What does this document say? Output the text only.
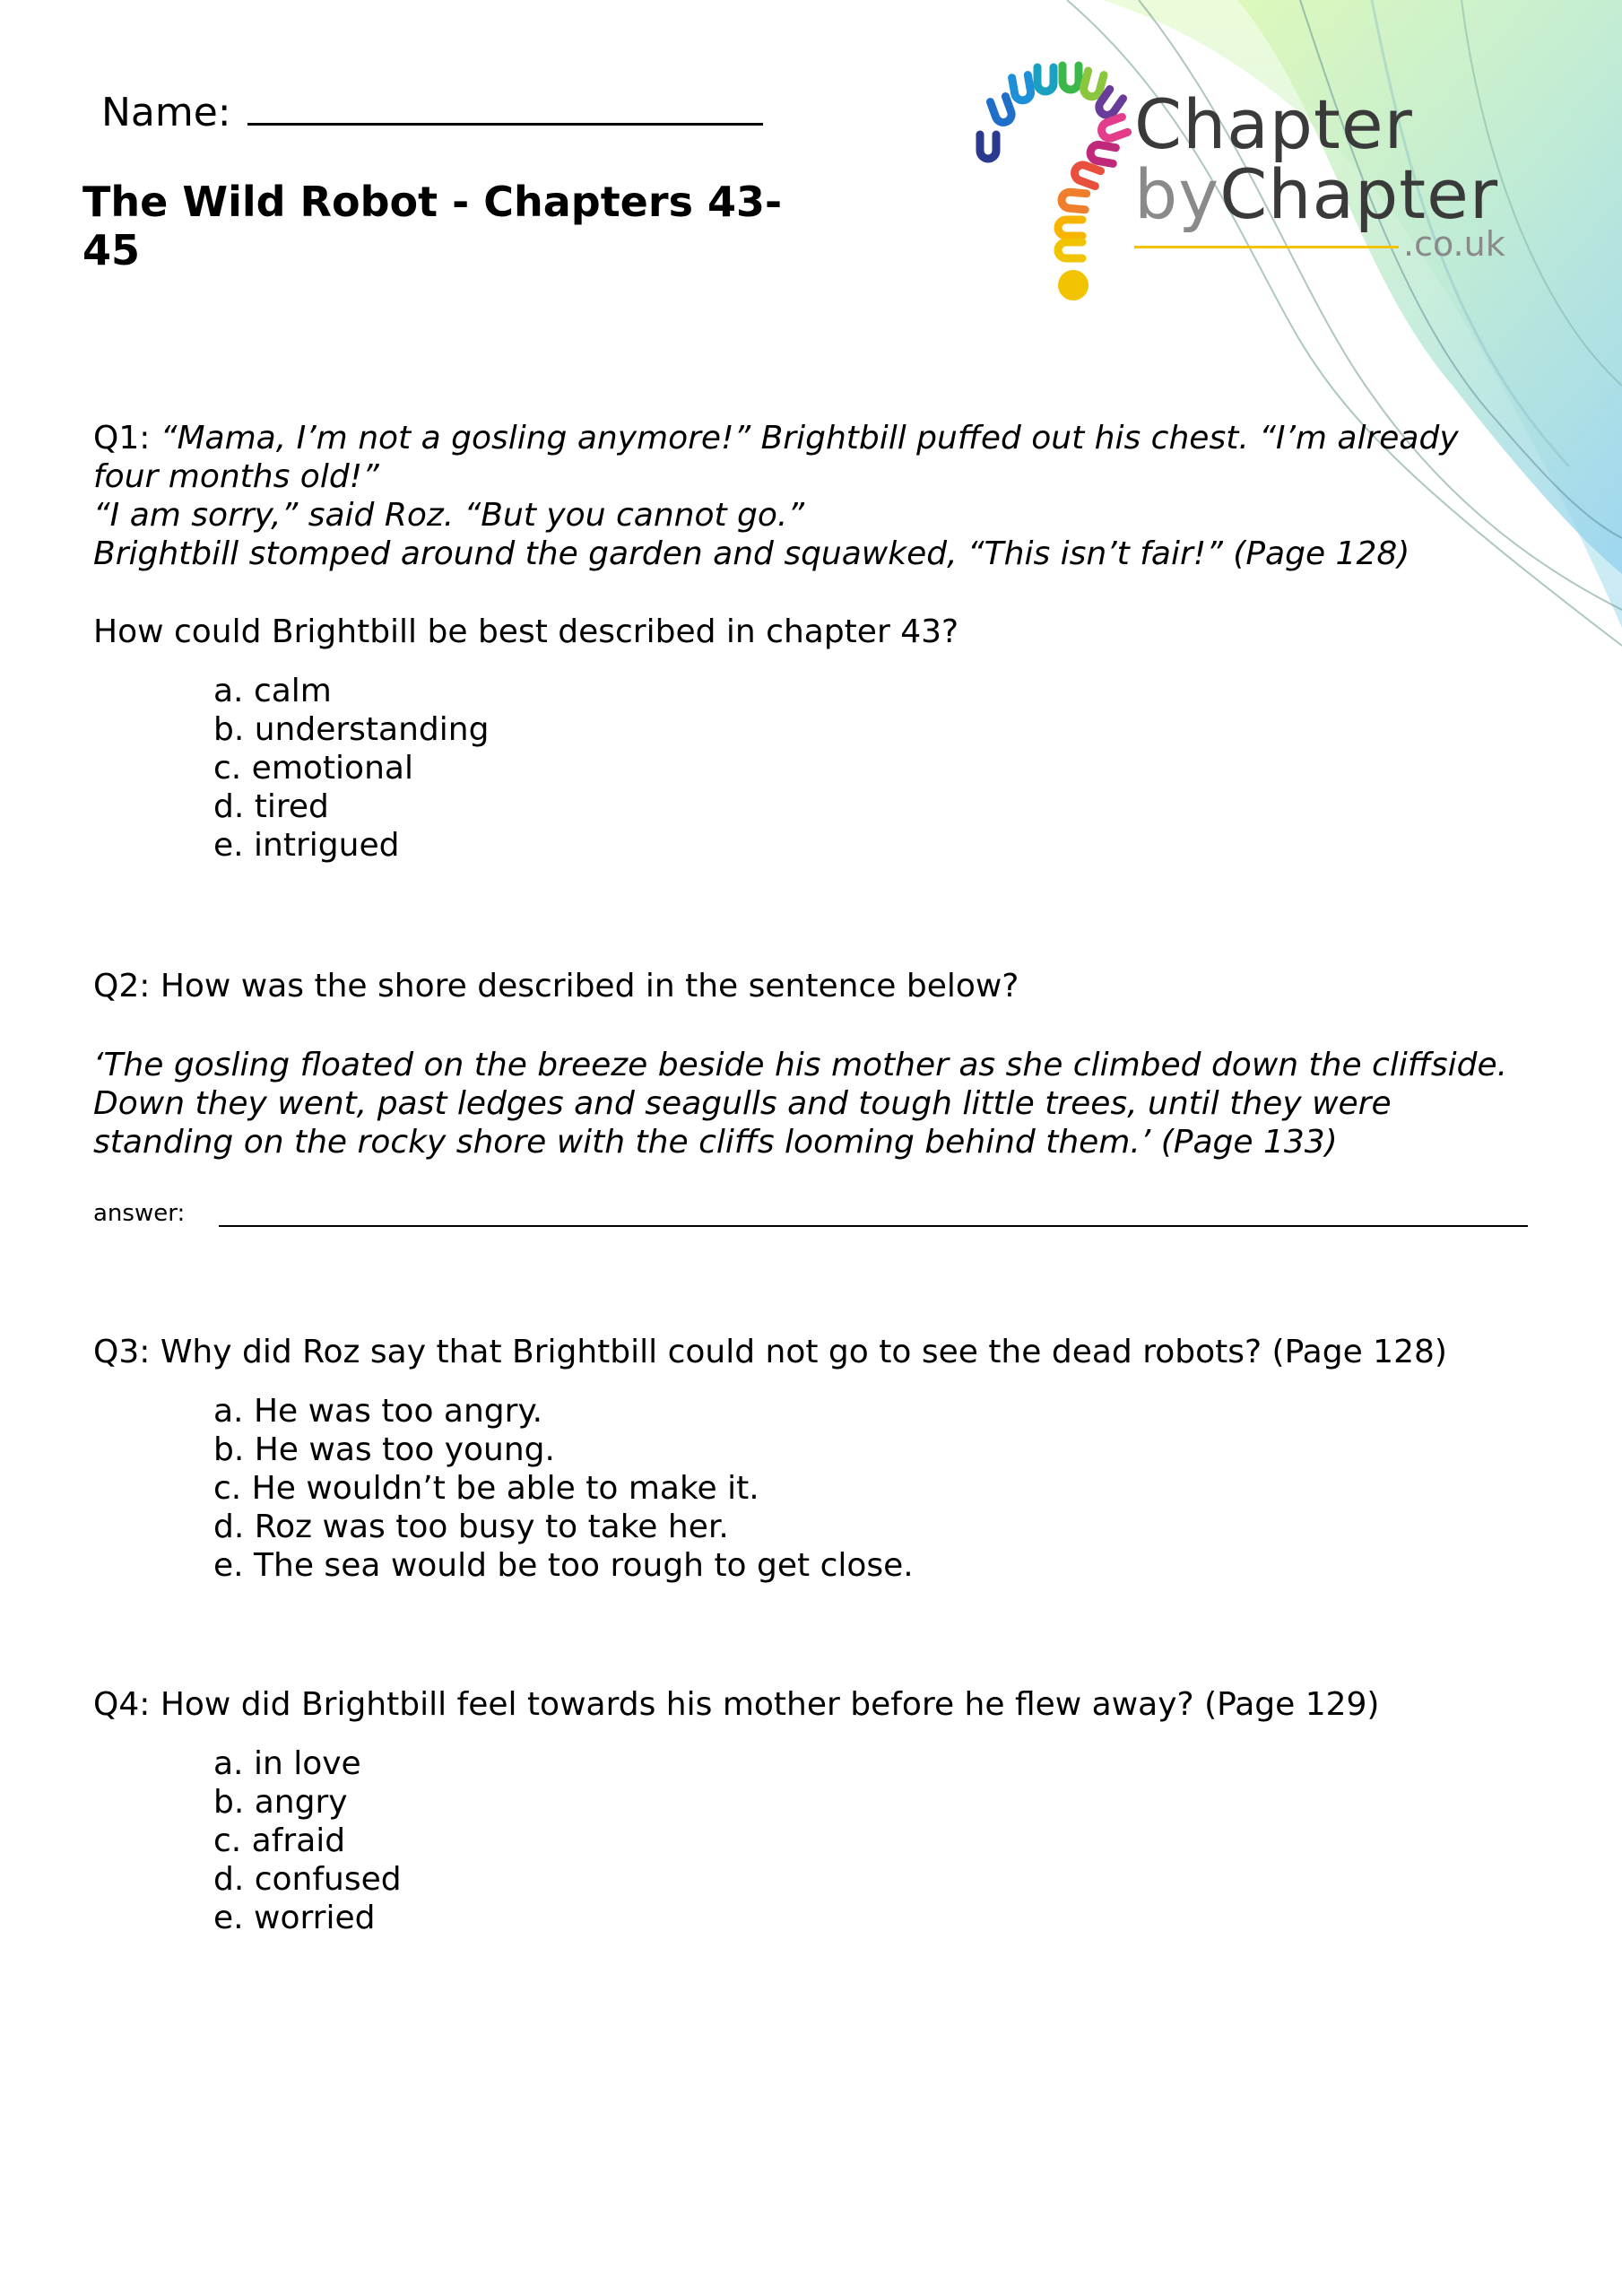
Name:
The Wild Robot - Chapters 43-45
Chapter
byChapter
.co.uk
Q1: “Mama, I’m not a gosling anymore!” Brightbill puffed out his chest. “I’m already
four months old!”
“I am sorry,” said Roz. “But you cannot go.”
Brightbill stomped around the garden and squawked, “This isn’t fair!” (Page 128)
How could Brightbill be best described in chapter 43?
a. calm
b. understanding
c. emotional
d. tired
e. intrigued
Q2: How was the shore described in the sentence below?
‘The gosling floated on the breeze beside his mother as she climbed down the cliffside.
Down they went, past ledges and seagulls and tough little trees, until they were
standing on the rocky shore with the cliffs looming behind them.’ (Page 133)
answer:
Q3: Why did Roz say that Brightbill could not go to see the dead robots? (Page 128)
a. He was too angry.
b. He was too young.
c. He wouldn’t be able to make it.
d. Roz was too busy to take her.
e. The sea would be too rough to get close.
Q4: How did Brightbill feel towards his mother before he flew away? (Page 129)
a. in love
b. angry
c. afraid
d. confused
e. worried
